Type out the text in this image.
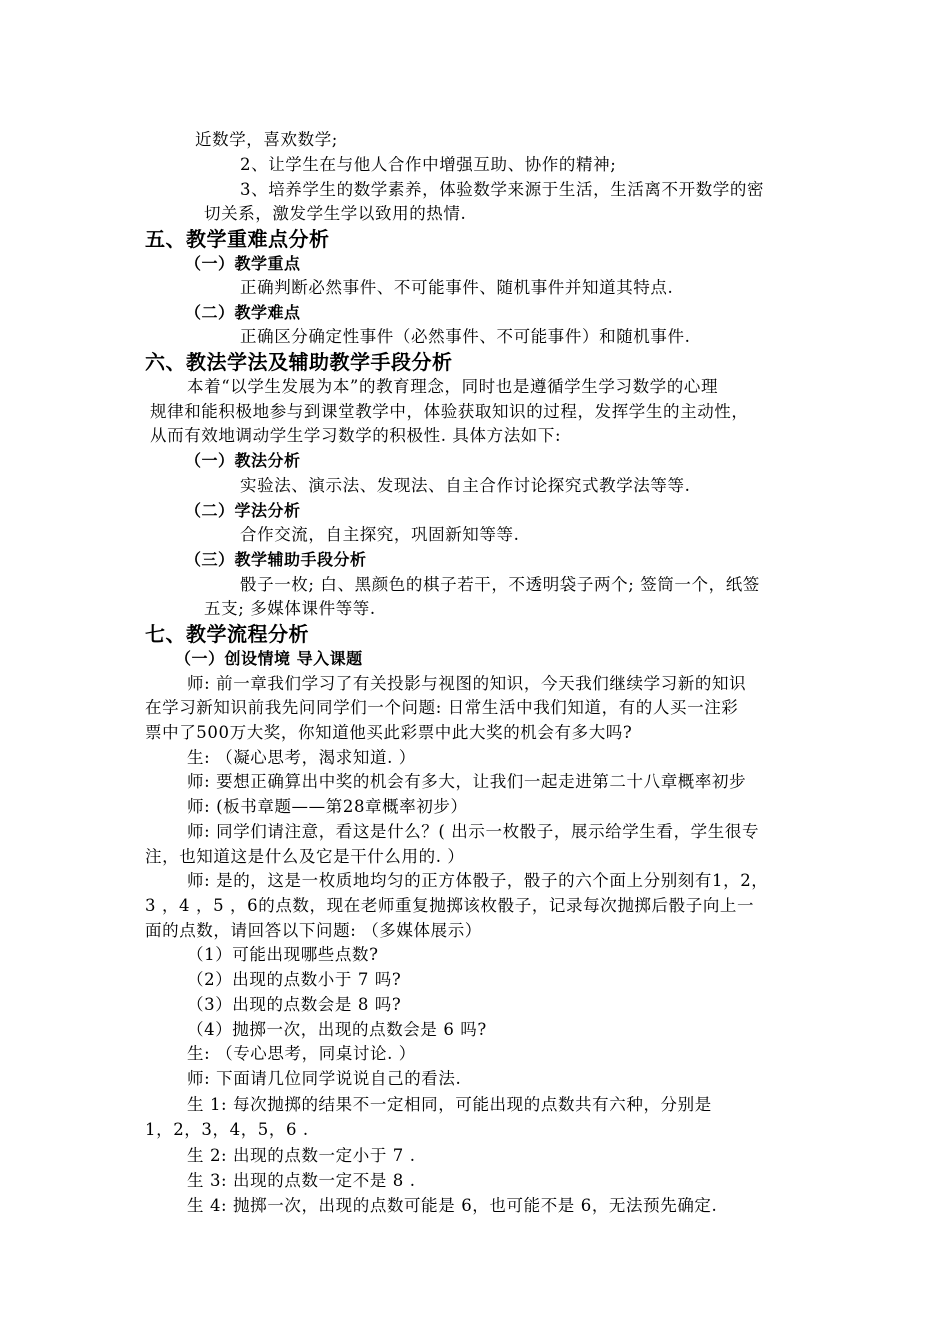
近数学，喜欢数学;
2、让学生在与他人合作中增强互助、协作的精神;
3、培养学生的数学素养，体验数学来源于生活，生活离不开数学的密
切关系，激发学生学以致用的热情.
五、教学重难点分析
（一）教学重点
正确判断必然事件、不可能事件、随机事件并知道其特点.
（二）教学难点
正确区分确定性事件（必然事件、不可能事件）和随机事件.
六、教法学法及辅助教学手段分析
本着“以学生发展为本”的教育理念，同时也是遵循学生学习数学的心理
规律和能积极地参与到课堂教学中，体验获取知识的过程，发挥学生的主动性，
从而有效地调动学生学习数学的积极性. 具体方法如下:
（一）教法分析
实验法、演示法、发现法、自主合作讨论探究式教学法等等.
（二）学法分析
合作交流，自主探究，巩固新知等等.
（三）教学辅助手段分析
骰子一枚; 白、黑颜色的棋子若干，不透明袋子两个; 签筒一个，纸签
五支; 多媒体课件等等.
七、教学流程分析
（一）创设情境 导入课题
师: 前一章我们学习了有关投影与视图的知识，今天我们继续学习新的知识
在学习新知识前我先问同学们一个问题: 日常生活中我们知道，有的人买一注彩
票中了500万大奖，你知道他买此彩票中此大奖的机会有多大吗?
生: （凝心思考，渴求知道. ）
师: 要想正确算出中奖的机会有多大，让我们一起走进第二十八章概率初步
师: (板书章题——第28章概率初步）
师: 同学们请注意，看这是什么？( 出示一枚骰子，展示给学生看，学生很专
注，也知道这是什么及它是干什么用的. ）
师: 是的，这是一枚质地均匀的正方体骰子，骰子的六个面上分别刻有1，2，
3 ，4 ，5 ，6的点数，现在老师重复抛掷该枚骰子，记录每次抛掷后骰子向上一
面的点数，请回答以下问题: （多媒体展示）
（1）可能出现哪些点数?
（2）出现的点数小于 7 吗?
（3）出现的点数会是 8 吗?
（4）抛掷一次，出现的点数会是 6 吗?
生: （专心思考，同桌讨论. ）
师: 下面请几位同学说说自己的看法.
生 1: 每次抛掷的结果不一定相同，可能出现的点数共有六种，分别是
1，2，3，4，5，6 .
生 2: 出现的点数一定小于 7 .
生 3: 出现的点数一定不是 8 .
生 4: 抛掷一次，出现的点数可能是 6，也可能不是 6，无法预先确定.
